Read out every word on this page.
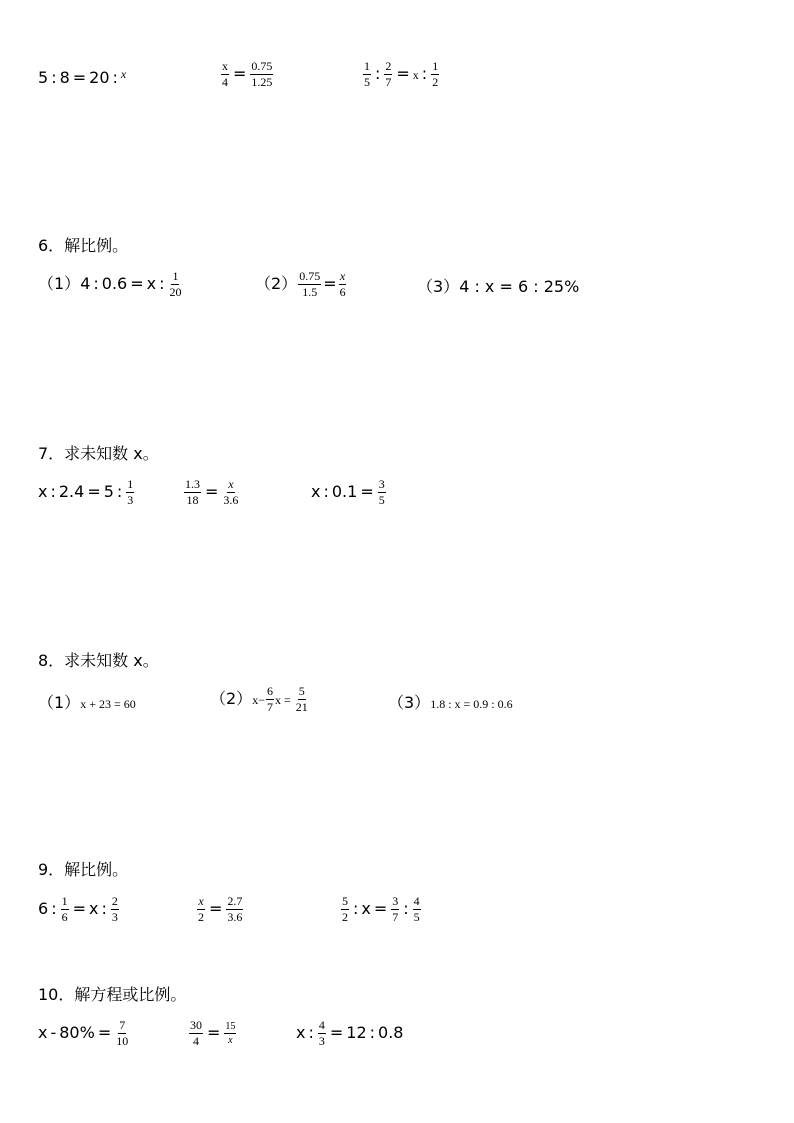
5 : 8 = 20 : $^x$	$\frac{x}{4} = \frac{0.75}{1.25}$	$\frac{1}{5}$ : $\frac{2}{7} = x$ : $\frac{1}{2}$
6．解比例。
（1）4 : 0.6 = x : $\frac{1}{20}$	$(2) \frac{0.75}{1.5} = \frac{x}{6}$	（3）4 : x = 6 : 25%
7．求未知数 x。
x : 2.4 = 5 : $\frac{1}{3}$	$\frac{1.3}{18} = \frac{x}{3.6}$	x : $0.1 = \frac{3}{5}$
8．求未知数 x。
（1）x + 23 = 60	$(2)x- \frac{6}{7}$ $x = \frac{5}{21}$	（3）1.8 : x = 0.9 : 0.6
9．解比例。
6 : $\frac{1}{6} = x$ : $\frac{2}{3}$	$\frac{x}{2} = \frac{2.7}{3.6}$	$\frac{5}{2}$ : $x = \frac{3}{7}$ : $\frac{4}{5}$
10．解方程或比例。
$x - 80\% = \frac{7}{10}$	$\frac{30}{4} = \frac{15}{x}$	x : $\frac{4}{3} = 12$ : 0.8
